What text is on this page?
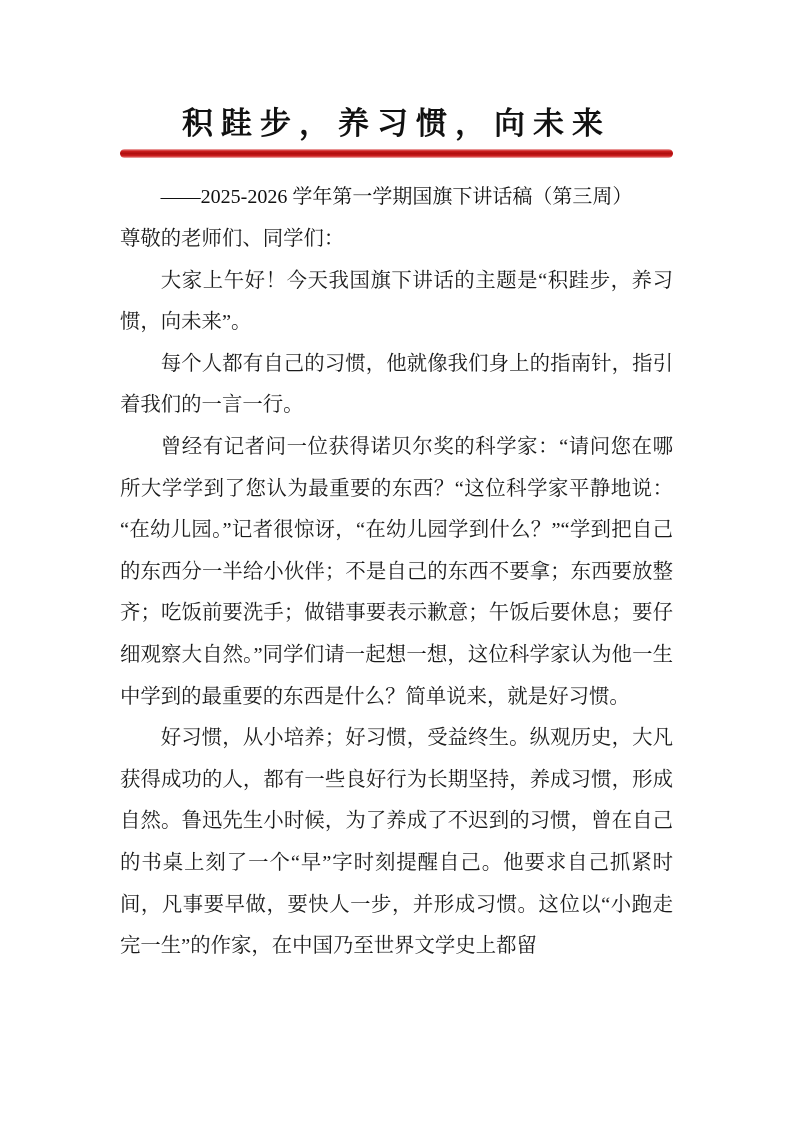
积跬步，养习惯，向未来
——2025-2026 学年第一学期国旗下讲话稿（第三周）

尊敬的老师们、同学们：

大家上午好！今天我国旗下讲话的主题是“积跬步，养习惯，向未来”。

每个人都有自己的习惯，他就像我们身上的指南针，指引着我们的一言一行。

曾经有记者问一位获得诺贝尔奖的科学家：“请问您在哪所大学学到了您认为最重要的东西？“这位科学家平静地说：“在幼儿园。”记者很惊讶，“在幼儿园学到什么？”“学到把自己的东西分一半给小伙伴；不是自己的东西不要拿；东西要放整齐；吃饭前要洗手；做错事要表示歉意；午饭后要休息；要仔细观察大自然。”同学们请一起想一想，这位科学家认为他一生中学到的最重要的东西是什么？简单说来，就是好习惯。

好习惯，从小培养；好习惯，受益终生。纵观历史，大凡获得成功的人，都有一些良好行为长期坚持，养成习惯，形成自然。鲁迅先生小时候，为了养成了不迟到的习惯，曾在自己的书桌上刻了一个“早”字时刻提醒自己。他要求自己抓紧时间，凡事要早做，要快人一步，并形成习惯。这位以“小跑走完一生”的作家，在中国乃至世界文学史上都留
